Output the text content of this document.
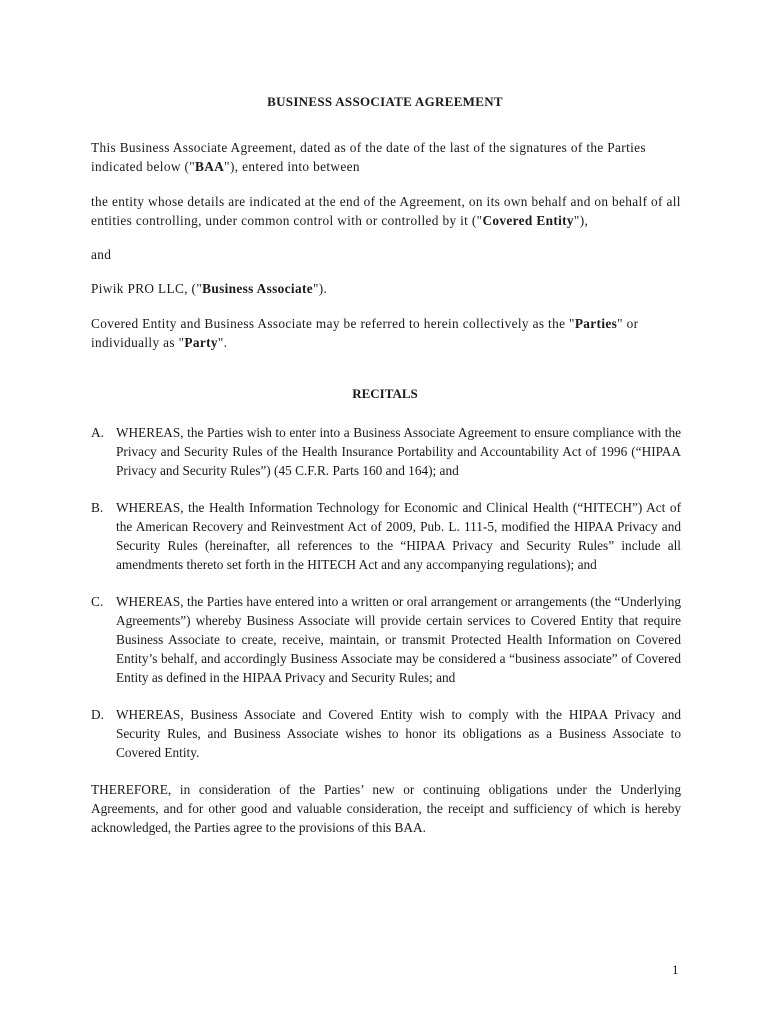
BUSINESS ASSOCIATE AGREEMENT

This Business Associate Agreement, dated as of the date of the last of the signatures of the Parties indicated below ("BAA"), entered into between

the entity whose details are indicated at the end of the Agreement, on its own behalf and on behalf of all entities controlling, under common control with or controlled by it ("Covered Entity"),

and

Piwik PRO LLC, ("Business Associate").

Covered Entity and Business Associate may be referred to herein collectively as the "Parties" or individually as "Party".

RECITALS
A. WHEREAS, the Parties wish to enter into a Business Associate Agreement to ensure compliance with the Privacy and Security Rules of the Health Insurance Portability and Accountability Act of 1996 (“HIPAA Privacy and Security Rules”) (45 C.F.R. Parts 160 and 164); and
B. WHEREAS, the Health Information Technology for Economic and Clinical Health (“HITECH”) Act of the American Recovery and Reinvestment Act of 2009, Pub. L. 111-5, modified the HIPAA Privacy and Security Rules (hereinafter, all references to the “HIPAA Privacy and Security Rules” include all amendments thereto set forth in the HITECH Act and any accompanying regulations); and
C. WHEREAS, the Parties have entered into a written or oral arrangement or arrangements (the “Underlying Agreements”) whereby Business Associate will provide certain services to Covered Entity that require Business Associate to create, receive, maintain, or transmit Protected Health Information on Covered Entity’s behalf, and accordingly Business Associate may be considered a “business associate” of Covered Entity as defined in the HIPAA Privacy and Security Rules; and
D. WHEREAS, Business Associate and Covered Entity wish to comply with the HIPAA Privacy and Security Rules, and Business Associate wishes to honor its obligations as a Business Associate to Covered Entity.

THEREFORE, in consideration of the Parties’ new or continuing obligations under the Underlying Agreements, and for other good and valuable consideration, the receipt and sufficiency of which is hereby acknowledged, the Parties agree to the provisions of this BAA.

1
